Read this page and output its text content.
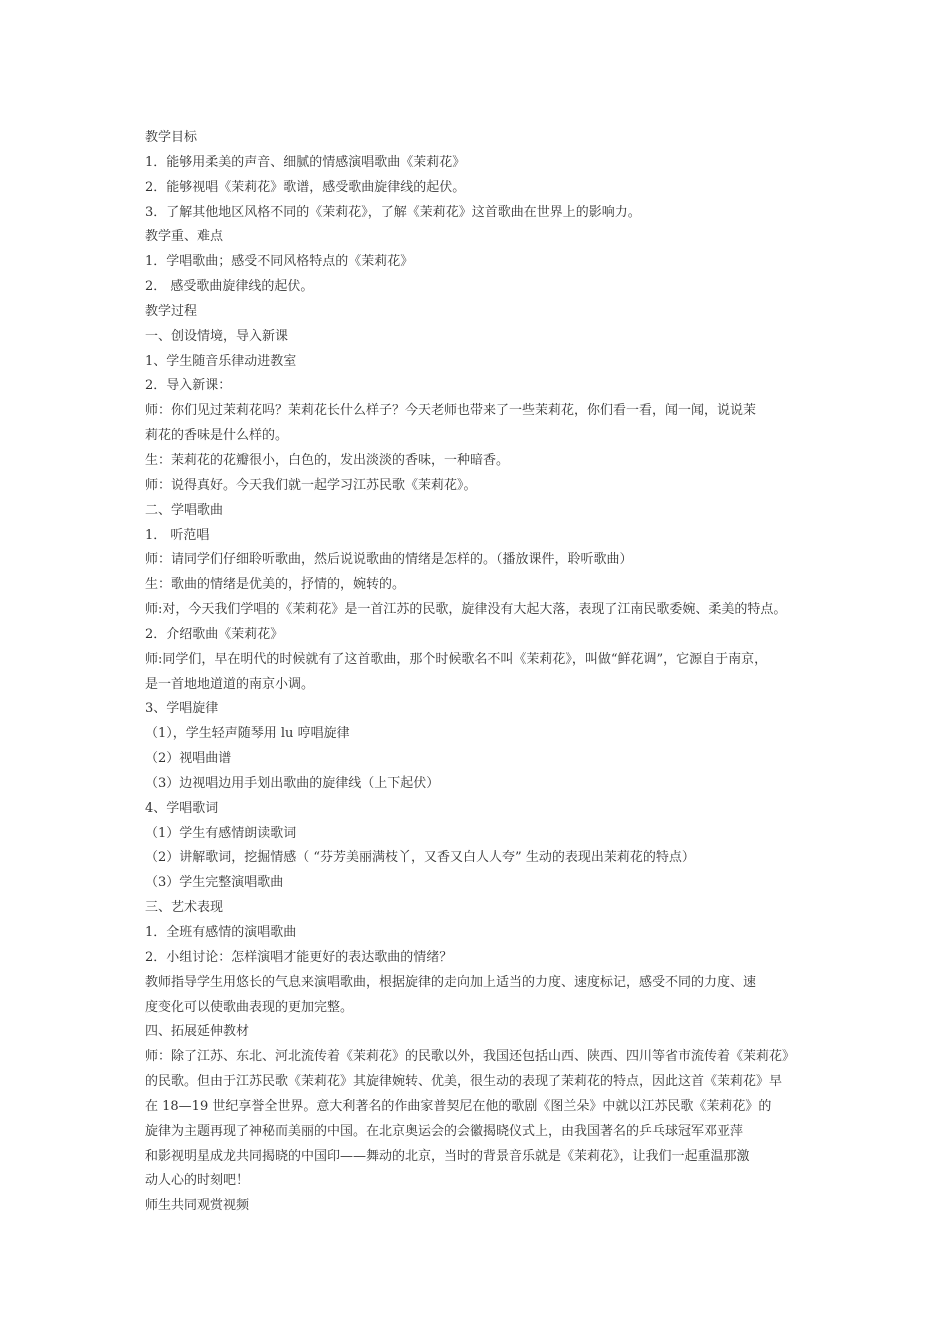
教学目标
1．能够用柔美的声音、细腻的情感演唱歌曲《茉莉花》
2．能够视唱《茉莉花》歌谱，感受歌曲旋律线的起伏。
3．了解其他地区风格不同的《茉莉花》，了解《茉莉花》这首歌曲在世界上的影响力。
教学重、难点
1．学唱歌曲；感受不同风格特点的《茉莉花》
2． 感受歌曲旋律线的起伏。
教学过程
一、创设情境，导入新课
1、学生随音乐律动进教室
2．导入新课：
师：你们见过茉莉花吗？茉莉花长什么样子？今天老师也带来了一些茉莉花，你们看一看，闻一闻，说说茉
莉花的香味是什么样的。
生：茉莉花的花瓣很小，白色的，发出淡淡的香味，一种暗香。
师：说得真好。今天我们就一起学习江苏民歌《茉莉花》。
二、学唱歌曲
1． 听范唱
师：请同学们仔细聆听歌曲，然后说说歌曲的情绪是怎样的。（播放课件，聆听歌曲）
生：歌曲的情绪是优美的，抒情的，婉转的。
师:对，今天我们学唱的《茉莉花》是一首江苏的民歌，旋律没有大起大落，表现了江南民歌委婉、柔美的特点。
2．介绍歌曲《茉莉花》
师:同学们，早在明代的时候就有了这首歌曲，那个时候歌名不叫《茉莉花》，叫做“鲜花调”，它源自于南京，
是一首地地道道的南京小调。
3、学唱旋律
（1），学生轻声随琴用 lu 哼唱旋律
（2）视唱曲谱
（3）边视唱边用手划出歌曲的旋律线（上下起伏）
4、学唱歌词
（1）学生有感情朗读歌词
（2）讲解歌词，挖掘情感（ “芬芳美丽满枝丫，又香又白人人夸” 生动的表现出茉莉花的特点）
（3）学生完整演唱歌曲
三、艺术表现
1．全班有感情的演唱歌曲
2．小组讨论：怎样演唱才能更好的表达歌曲的情绪？
教师指导学生用悠长的气息来演唱歌曲，根据旋律的走向加上适当的力度、速度标记，感受不同的力度、速
度变化可以使歌曲表现的更加完整。
四、拓展延伸教材
师：除了江苏、东北、河北流传着《茉莉花》的民歌以外，我国还包括山西、陕西、四川等省市流传着《茉莉花》
的民歌。但由于江苏民歌《茉莉花》其旋律婉转、优美，很生动的表现了茉莉花的特点，因此这首《茉莉花》早
在 18—19 世纪享誉全世界。意大利著名的作曲家普契尼在他的歌剧《图兰朵》中就以江苏民歌《茉莉花》的
旋律为主题再现了神秘而美丽的中国。在北京奥运会的会徽揭晓仪式上，由我国著名的乒乓球冠军邓亚萍
和影视明星成龙共同揭晓的中国印——舞动的北京，当时的背景音乐就是《茉莉花》，让我们一起重温那激
动人心的时刻吧！
师生共同观赏视频
